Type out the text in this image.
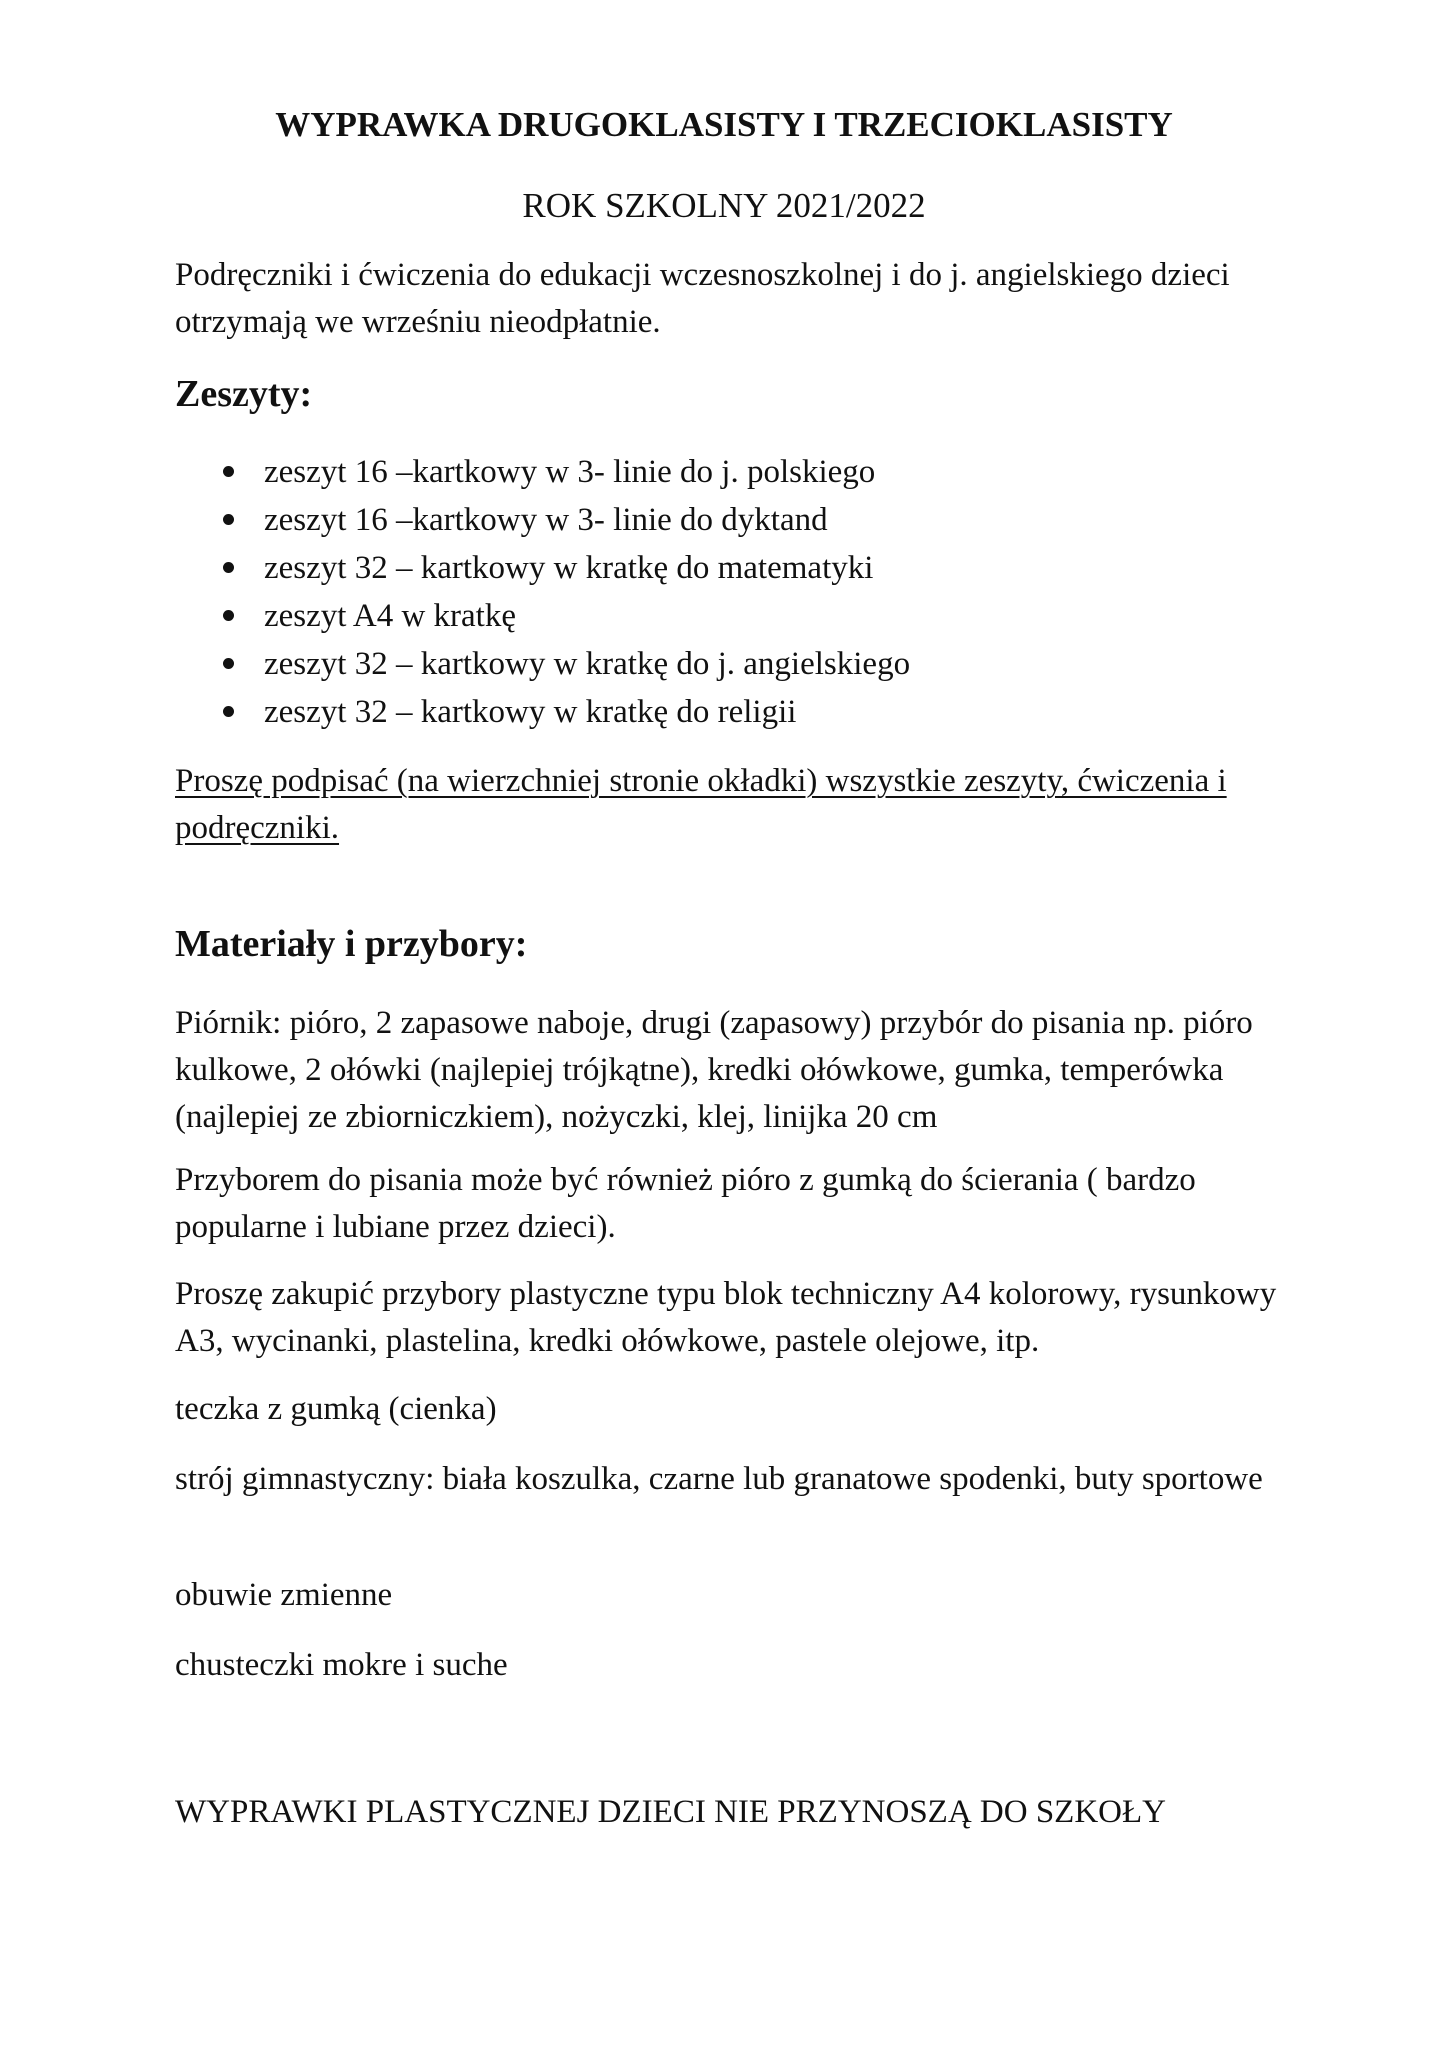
WYPRAWKA DRUGOKLASISTY I TRZECIOKLASISTY
ROK SZKOLNY 2021/2022

Podręczniki i ćwiczenia do edukacji wczesnoszkolnej i do j. angielskiego dzieci otrzymają we wrześniu nieodpłatnie.

Zeszyty:
zeszyt 16 –kartkowy w 3- linie do j. polskiego
zeszyt 16 –kartkowy w 3- linie do dyktand
zeszyt 32 – kartkowy w kratkę do matematyki
zeszyt A4 w kratkę
zeszyt 32 – kartkowy w kratkę do j. angielskiego
zeszyt 32 – kartkowy w kratkę do religii

Proszę podpisać (na wierzchniej stronie okładki) wszystkie zeszyty, ćwiczenia i podręczniki.

Materiały i przybory:

Piórnik: pióro, 2 zapasowe naboje, drugi (zapasowy) przybór do pisania np. pióro kulkowe, 2 ołówki (najlepiej trójkątne), kredki ołówkowe, gumka, temperówka (najlepiej ze zbiorniczkiem), nożyczki, klej, linijka 20 cm

Przyborem do pisania może być również pióro z gumką do ścierania ( bardzo popularne i lubiane przez dzieci).

Proszę zakupić przybory plastyczne typu blok techniczny A4 kolorowy, rysunkowy A3, wycinanki, plastelina, kredki ołówkowe, pastele olejowe, itp.

teczka z gumką (cienka)

strój gimnastyczny: biała koszulka, czarne lub granatowe spodenki, buty sportowe

obuwie zmienne

chusteczki mokre i suche

WYPRAWKI PLASTYCZNEJ DZIECI NIE PRZYNOSZĄ DO SZKOŁY
